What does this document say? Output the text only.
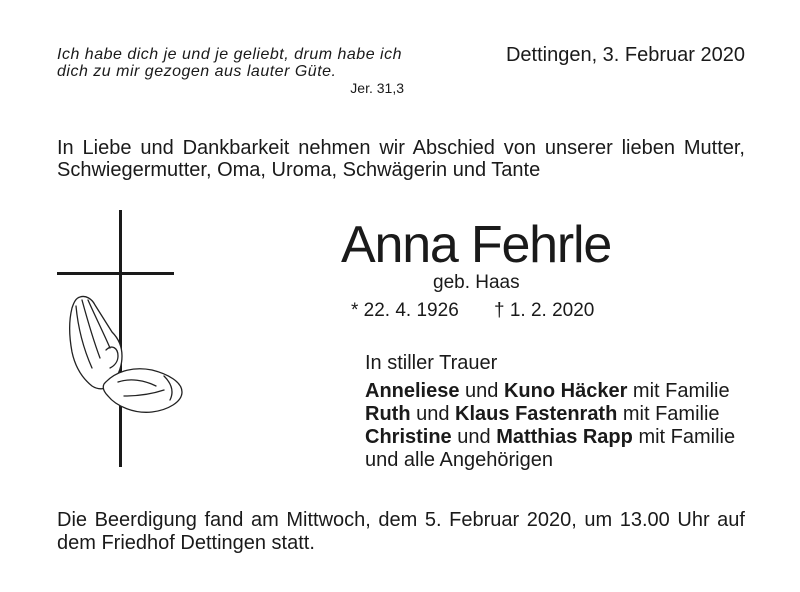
Ich habe dich je und je geliebt, drum habe ich
dich zu mir gezogen aus lauter Güte.
Jer. 31,3
Dettingen, 3. Februar 2020
In Liebe und Dankbarkeit nehmen wir Abschied von unserer lieben Mutter,
Schwiegermutter, Oma, Uroma, Schwägerin und Tante
Anna Fehrle
geb. Haas
* 22. 4. 1926 † 1. 2. 2020
In stiller Trauer
Anneliese und Kuno Häcker mit Familie
Ruth und Klaus Fastenrath mit Familie
Christine und Matthias Rapp mit Familie
und alle Angehörigen
Die Beerdigung fand am Mittwoch, dem 5. Februar 2020, um 13.00 Uhr auf
dem Friedhof Dettingen statt.
